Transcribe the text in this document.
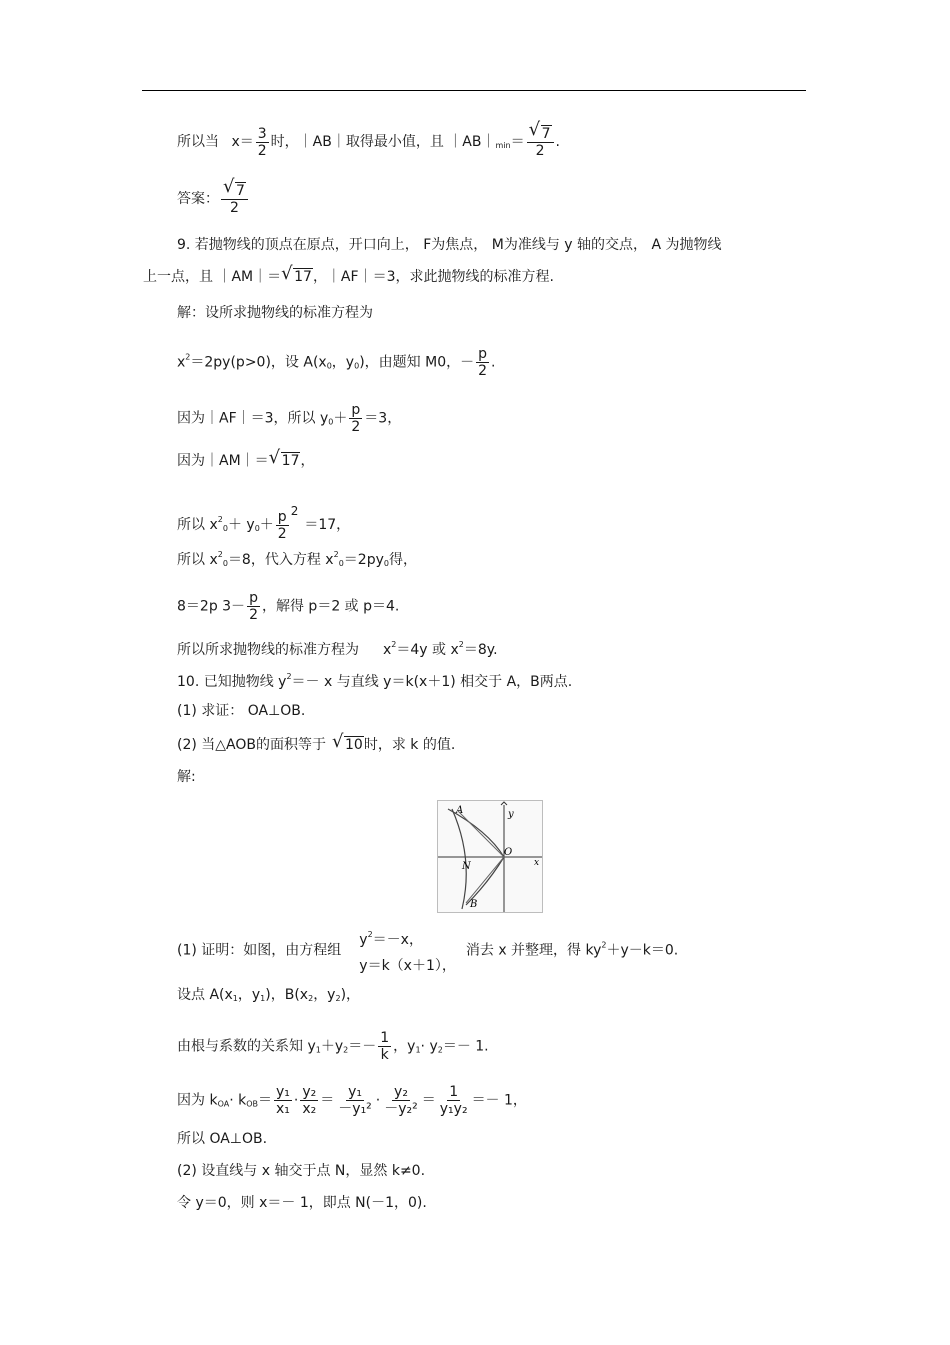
所以当 $x= \frac{3}{2}$ 时，｜AB｜取得最小值，且 $|AB|_{min}= \frac{√ 7}{2}$ .
答案： $\frac{√ 7}{2}$
9. 若抛物线的顶点在原点，开口向上， F为焦点， M为准线与 y 轴的交点， A 为抛物线
上一点，且 ｜AM｜＝ √ 17，｜AF｜＝3，求此抛物线的标准方程.
解：设所求抛物线的标准方程为
$x^2=2py(p>0)$，设 $A(x_0$，$y_0$)，由题知 M0，－ $\frac{p}{2}$ .
因为｜AF｜＝3，所以 $y_0+ \frac{p}{2} =3$，
因为｜AM｜＝ √ 17，
所以 $x^2_0+ y_0+ \frac{p}{2} ^2=17$，
所以 $x^2_0=8$，代入方程 $x^2_0=2py_0$得，
8＝2p $3- \frac{p}{2}$ ，解得 p＝2 或 p＝4.
所以所求抛物线的标准方程为 $x^2=4y$ 或 $x^2=8y$.
10. 已知抛物线 $y^2=- x$ 与直线 y＝k(x＋1) 相交于 A，B两点.
(1) 求证： OA⊥OB.
(2) 当△AOB的面积等于 √ 10时，求 k 的值.
解:
A	y
O
N	x
B
(1) 证明：如图，由方程组
$y^2=-x$，
y＝k（x＋1），
消去 x 并整理，得 $ky^2+y-k=0$.
设点 $A(x_1$，$y_1$)，$B(x_2$，$y_2$)，
由根与系数的关系知 $y_1+y_2=- \frac{1}{k}$ ，$y_1\cdot y_2=- 1$.
因为 $k_{OA}\cdot k_{OB}= \frac{\text{y₁}}{\text{x₁}} \cdot \frac{\text{y₂}}{\text{x₂}} = \frac{\text{y₁}}{\text{－y₁²}} \cdot \frac{\text{y₂}}{\text{－y₂²}} = \frac{1}{\text{y₁y₂}} =- 1$，
所以 OA⊥OB.
(2) 设直线与 x 轴交于点 N，显然 k≠0.
令 y＝0，则 x＝－ 1，即点 N(－1，0).
